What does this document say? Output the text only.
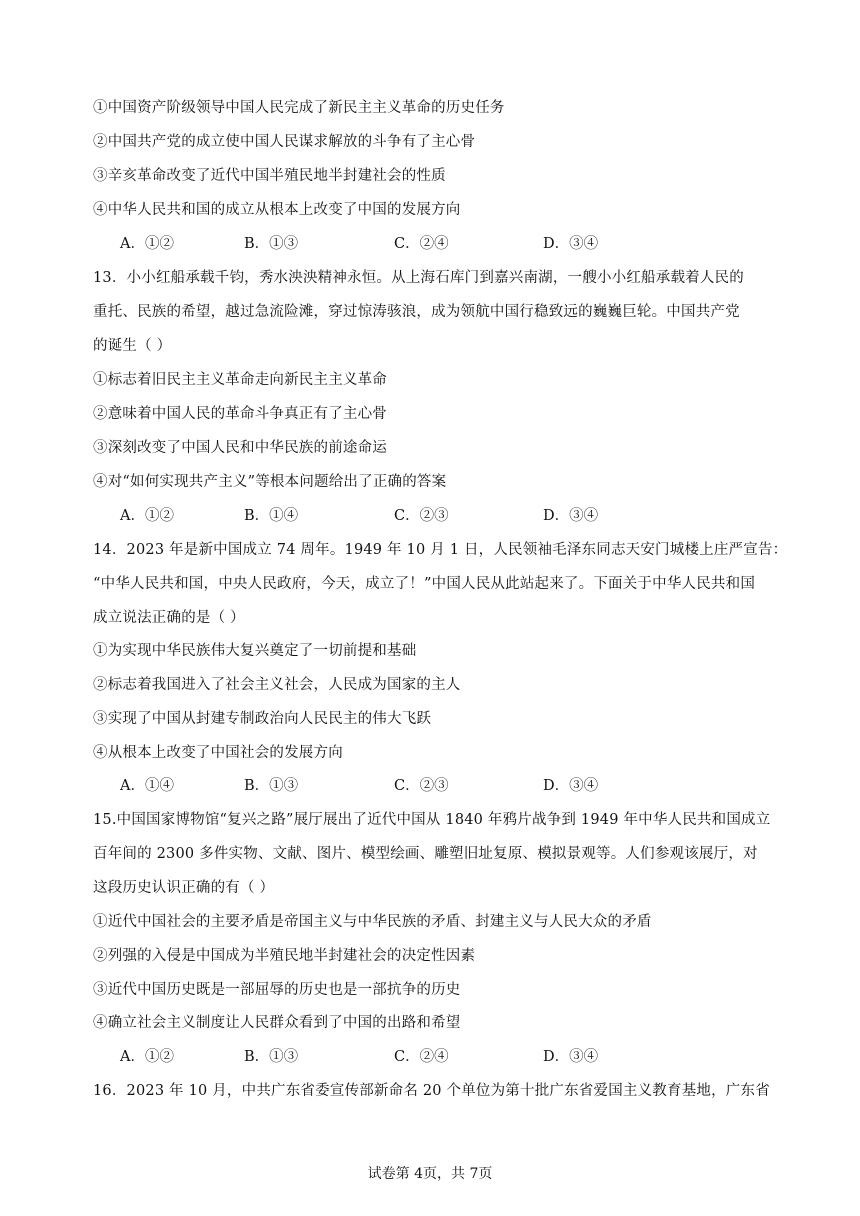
①中国资产阶级领导中国人民完成了新民主主义革命的历史任务
②中国共产党的成立使中国人民谋求解放的斗争有了主心骨
③辛亥革命改变了近代中国半殖民地半封建社会的性质
④中华人民共和国的成立从根本上改变了中国的发展方向
A．①②	B．①③	C．②④	D．③④
13．小小红船承载千钧，秀水泱泱精神永恒。从上海石库门到嘉兴南湖，一艘小小红船承载着人民的
重托、民族的希望，越过急流险滩，穿过惊涛骇浪，成为领航中国行稳致远的巍巍巨轮。中国共产党
的诞生（ ）
①标志着旧民主主义革命走向新民主主义革命
②意味着中国人民的革命斗争真正有了主心骨
③深刻改变了中国人民和中华民族的前途命运
④对“如何实现共产主义”等根本问题给出了正确的答案
A．①②	B．①④	C．②③	D．③④
14．2023 年是新中国成立 74 周年。1949 年 10 月 1 日，人民领袖毛泽东同志天安门城楼上庄严宣告：
“中华人民共和国，中央人民政府，今天，成立了！”中国人民从此站起来了。下面关于中华人民共和国
成立说法正确的是（ ）
①为实现中华民族伟大复兴奠定了一切前提和基础
②标志着我国进入了社会主义社会，人民成为国家的主人
③实现了中国从封建专制政治向人民民主的伟大飞跃
④从根本上改变了中国社会的发展方向
A．①④	B．①③	C．②③	D．③④
15.中国国家博物馆“复兴之路”展厅展出了近代中国从 1840 年鸦片战争到 1949 年中华人民共和国成立
百年间的 2300 多件实物、文献、图片、模型绘画、雕塑旧址复原、模拟景观等。人们参观该展厅，对
这段历史认识正确的有（ ）
①近代中国社会的主要矛盾是帝国主义与中华民族的矛盾、封建主义与人民大众的矛盾
②列强的入侵是中国成为半殖民地半封建社会的决定性因素
③近代中国历史既是一部屈辱的历史也是一部抗争的历史
④确立社会主义制度让人民群众看到了中国的出路和希望
A．①②	B．①③	C．②④	D．③④
16．2023 年 10 月，中共广东省委宣传部新命名 20 个单位为第十批广东省爱国主义教育基地，广东省
试卷第 4页，共 7页
